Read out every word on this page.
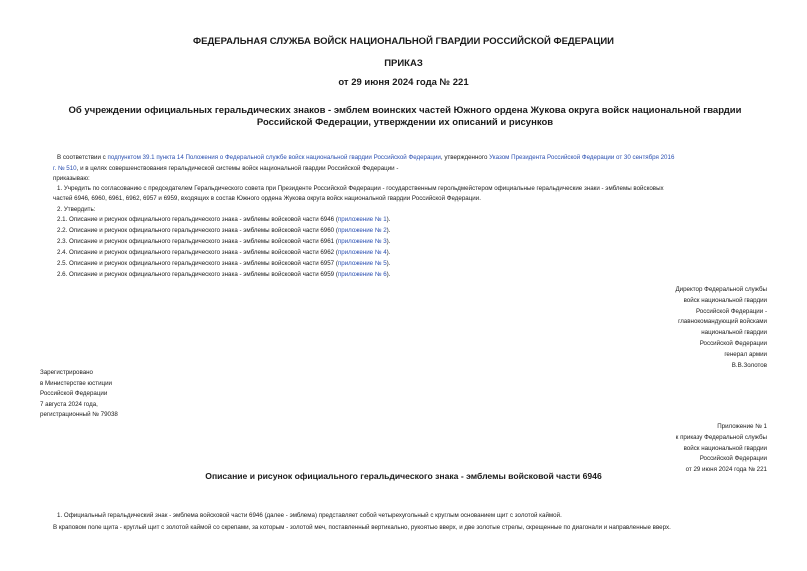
ФЕДЕРАЛЬНАЯ СЛУЖБА ВОЙСК НАЦИОНАЛЬНОЙ ГВАРДИИ РОССИЙСКОЙ ФЕДЕРАЦИИ
ПРИКАЗ
от 29 июня 2024 года № 221
Об учреждении официальных геральдических знаков - эмблем воинских частей Южного ордена Жукова округа войск национальной гвардии Российской Федерации, утверждении их описаний и рисунков
В соответствии с подпунктом 39.1 пункта 14 Положения о Федеральной службе войск национальной гвардии Российской Федерации, утвержденного Указом Президента Российской Федерации от 30 сентября 2016
г. № 510, и в целях совершенствования геральдической системы войск национальной гвардии Российской Федерации -
приказываю:
1. Учредить по согласованию с председателем Геральдического совета при Президенте Российской Федерации - государственным герольдмейстером официальные геральдические знаки - эмблемы войсковых
частей 6946, 6960, 6961, 6962, 6957 и 6959, входящих в состав Южного ордена Жукова округа войск национальной гвардии Российской Федерации.
2. Утвердить:
2.1. Описание и рисунок официального геральдического знака - эмблемы войсковой части 6946 (приложение № 1).
2.2. Описание и рисунок официального геральдического знака - эмблемы войсковой части 6960 (приложение № 2).
2.3. Описание и рисунок официального геральдического знака - эмблемы войсковой части 6961 (приложение № 3).
2.4. Описание и рисунок официального геральдического знака - эмблемы войсковой части 6962 (приложение № 4).
2.5. Описание и рисунок официального геральдического знака - эмблемы войсковой части 6957 (приложение № 5).
2.6. Описание и рисунок официального геральдического знака - эмблемы войсковой части 6959 (приложение № 6).
Директор Федеральной службы
войск национальной гвардии
Российской Федерации -
главнокомандующий войсками
национальной гвардии
Российской Федерации
генерал армии
В.В.Золотов
Зарегистрировано
в Министерстве юстиции
Российской Федерации
7 августа 2024 года,
регистрационный № 79038
Приложение № 1
к приказу Федеральной службы
войск национальной гвардии
Российской Федерации
от 29 июня 2024 года № 221
Описание и рисунок официального геральдического знака - эмблемы войсковой части 6946
1. Официальный геральдический знак - эмблема войсковой части 6946 (далее - эмблема) представляет собой четырехугольный с круглым основанием щит с золотой каймой.
В краповом поле щита - круглый щит с золотой каймой со скрепами, за которым - золотой меч, поставленный вертикально, рукоятью вверх, и две золотые стрелы, скрещенные по диагонали и направленные вверх.
